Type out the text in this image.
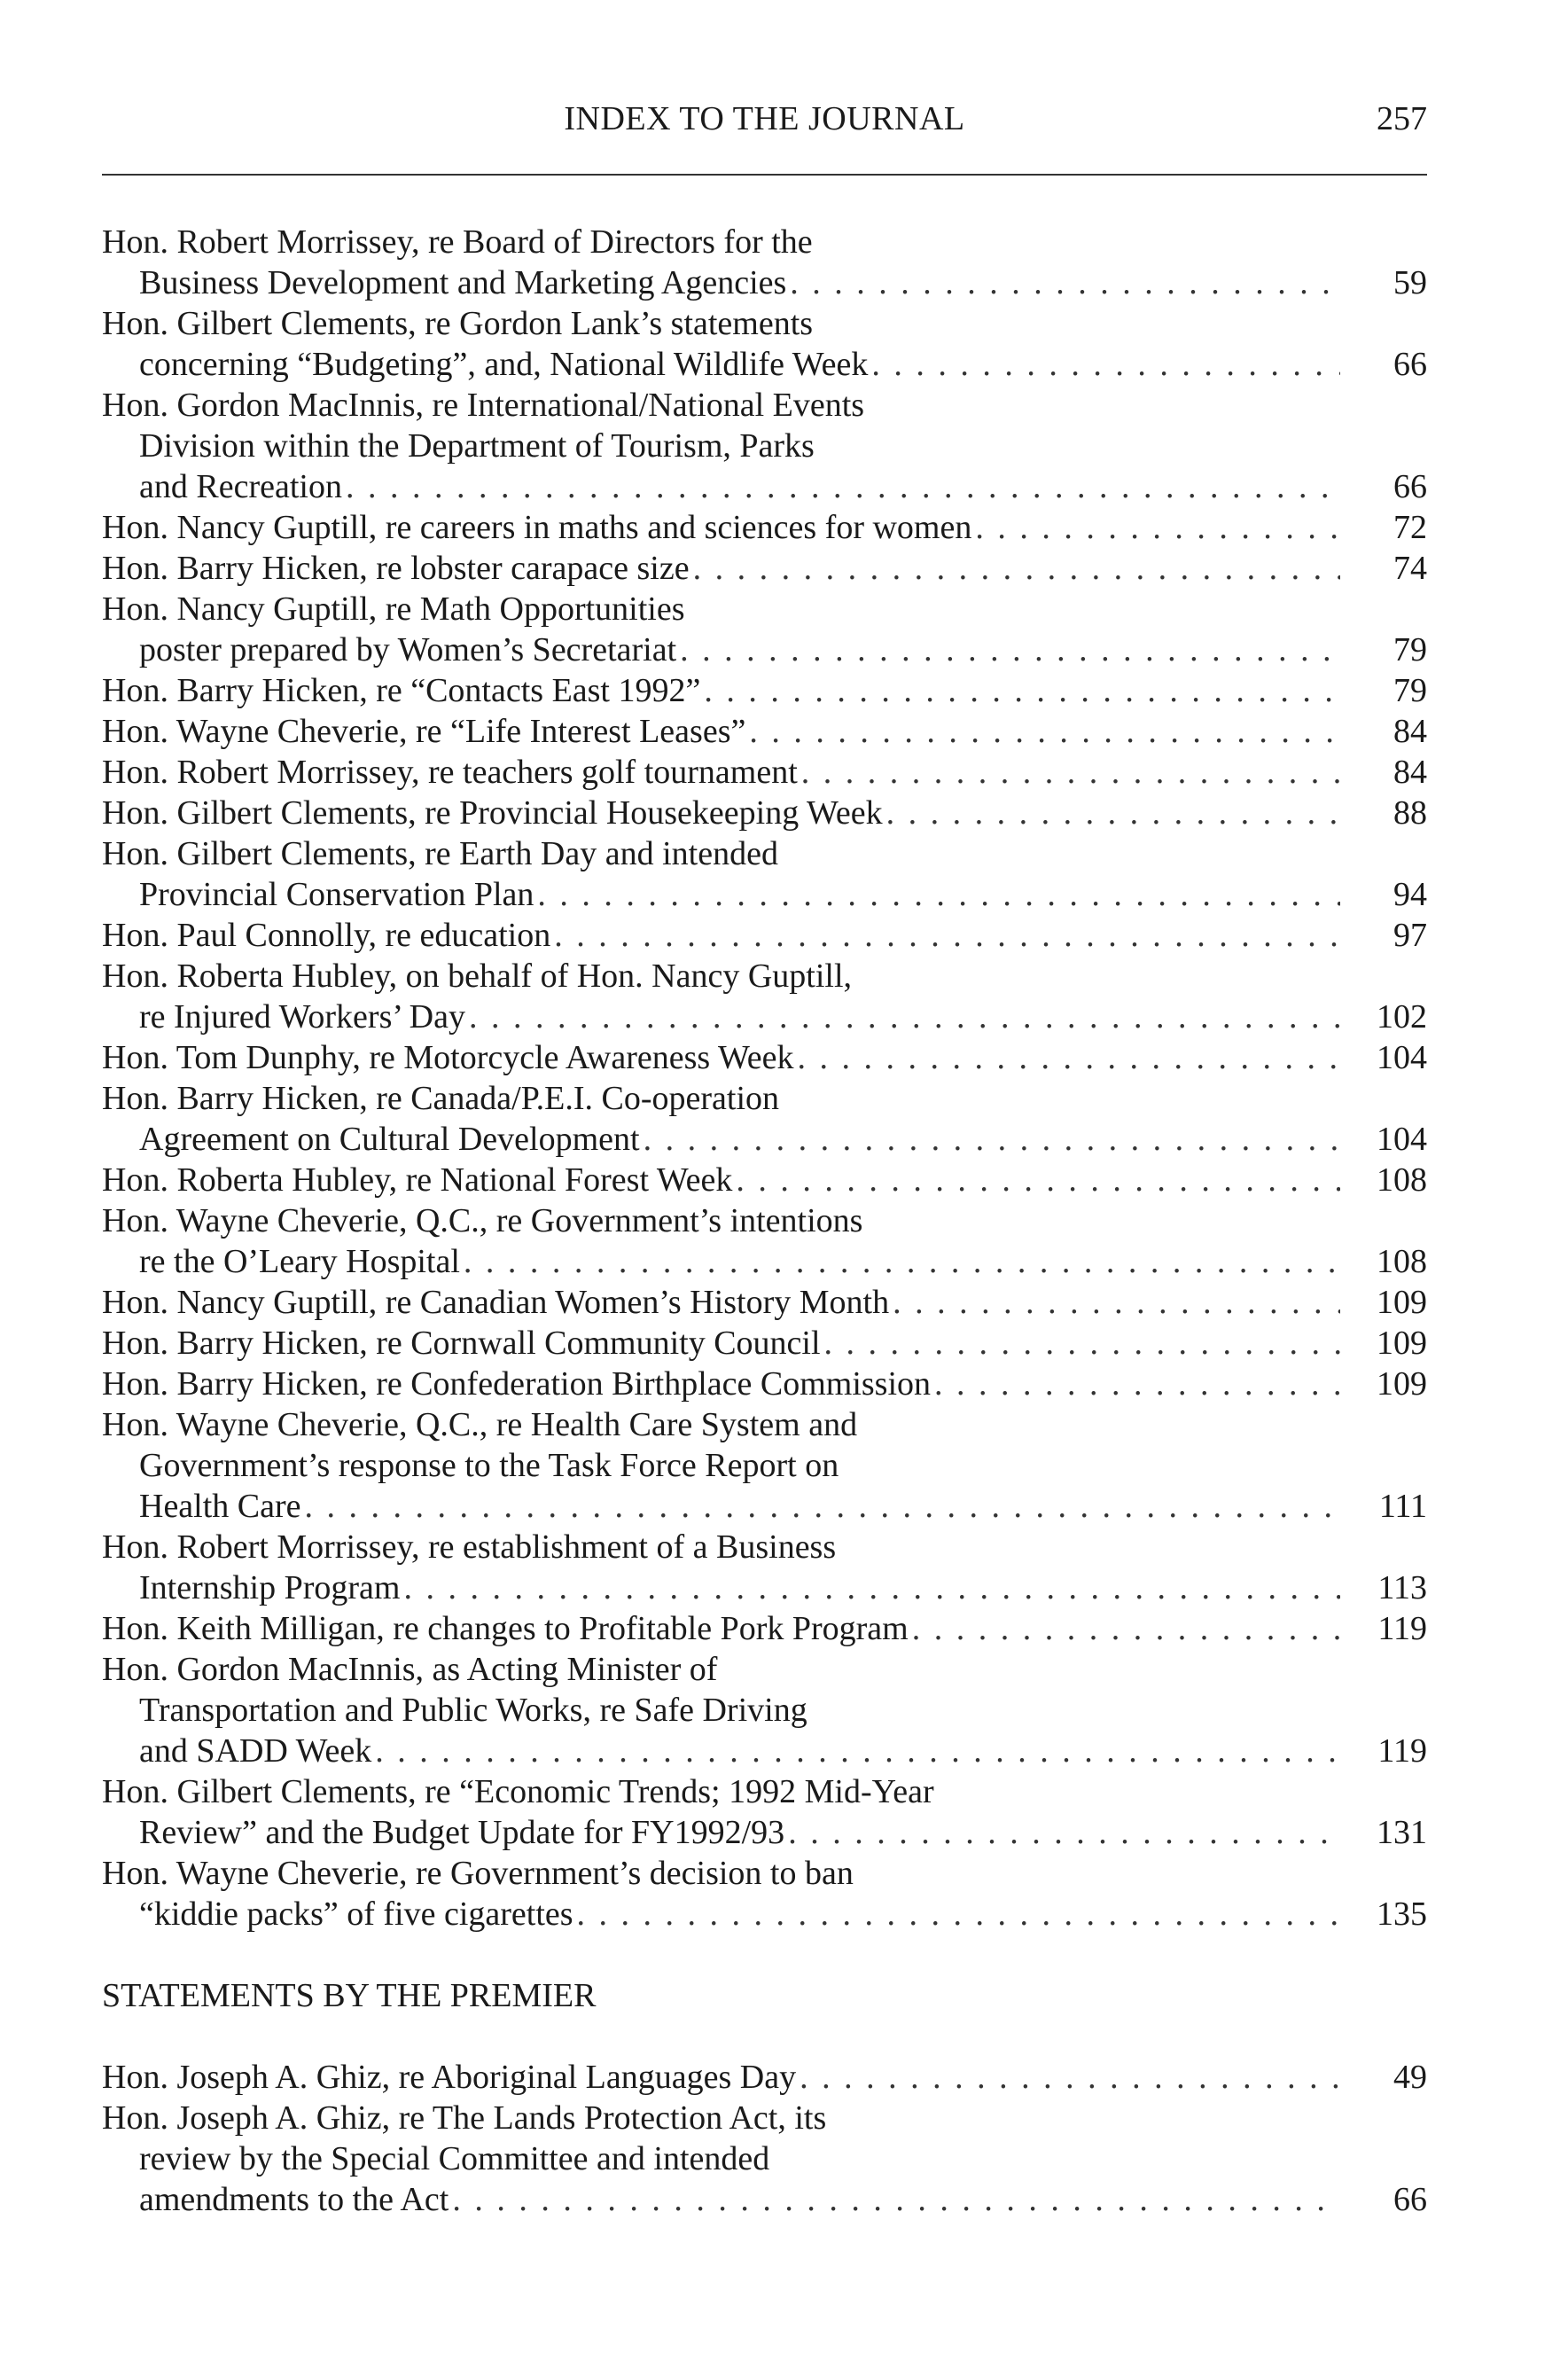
INDEX TO THE JOURNAL	257
Hon. Robert Morrissey, re Board of Directors for the
Business Development and Marketing Agencies . . .	59
Hon. Gilbert Clements, re Gordon Lank’s statements
concerning “Budgeting”, and, National Wildlife Week . . .	66
Hon. Gordon MacInnis, re International/National Events
Division within the Department of Tourism, Parks
and Recreation . . .	66
Hon. Nancy Guptill, re careers in maths and sciences for women . . .	72
Hon. Barry Hicken, re lobster carapace size . . .	74
Hon. Nancy Guptill, re Math Opportunities
poster prepared by Women’s Secretariat . . .	79
Hon. Barry Hicken, re “Contacts East 1992” . . .	79
Hon. Wayne Cheverie, re “Life Interest Leases” . . .	84
Hon. Robert Morrissey, re teachers golf tournament . . .	84
Hon. Gilbert Clements, re Provincial Housekeeping Week . . .	88
Hon. Gilbert Clements, re Earth Day and intended
Provincial Conservation Plan . . .	94
Hon. Paul Connolly, re education . . .	97
Hon. Roberta Hubley, on behalf of Hon. Nancy Guptill,
re Injured Workers’ Day . . .	102
Hon. Tom Dunphy, re Motorcycle Awareness Week . . .	104
Hon. Barry Hicken, re Canada/P.E.I. Co-operation
Agreement on Cultural Development . . .	104
Hon. Roberta Hubley, re National Forest Week . . .	108
Hon. Wayne Cheverie, Q.C., re Government’s intentions
re the O’Leary Hospital . . .	108
Hon. Nancy Guptill, re Canadian Women’s History Month . . .	109
Hon. Barry Hicken, re Cornwall Community Council . . .	109
Hon. Barry Hicken, re Confederation Birthplace Commission . . .	109
Hon. Wayne Cheverie, Q.C., re Health Care System and
Government’s response to the Task Force Report on
Health Care . . .	111
Hon. Robert Morrissey, re establishment of a Business
Internship Program . . .	113
Hon. Keith Milligan, re changes to Profitable Pork Program . . .	119
Hon. Gordon MacInnis, as Acting Minister of
Transportation and Public Works, re Safe Driving
and SADD Week . . .	119
Hon. Gilbert Clements, re “Economic Trends; 1992 Mid-Year
Review” and the Budget Update for FY1992/93 . . .	131
Hon. Wayne Cheverie, re Government’s decision to ban
“kiddie packs” of five cigarettes . . .	135
STATEMENTS BY THE PREMIER
Hon. Joseph A. Ghiz, re Aboriginal Languages Day . . .	49
Hon. Joseph A. Ghiz, re The Lands Protection Act, its
review by the Special Committee and intended
amendments to the Act . . .	66
